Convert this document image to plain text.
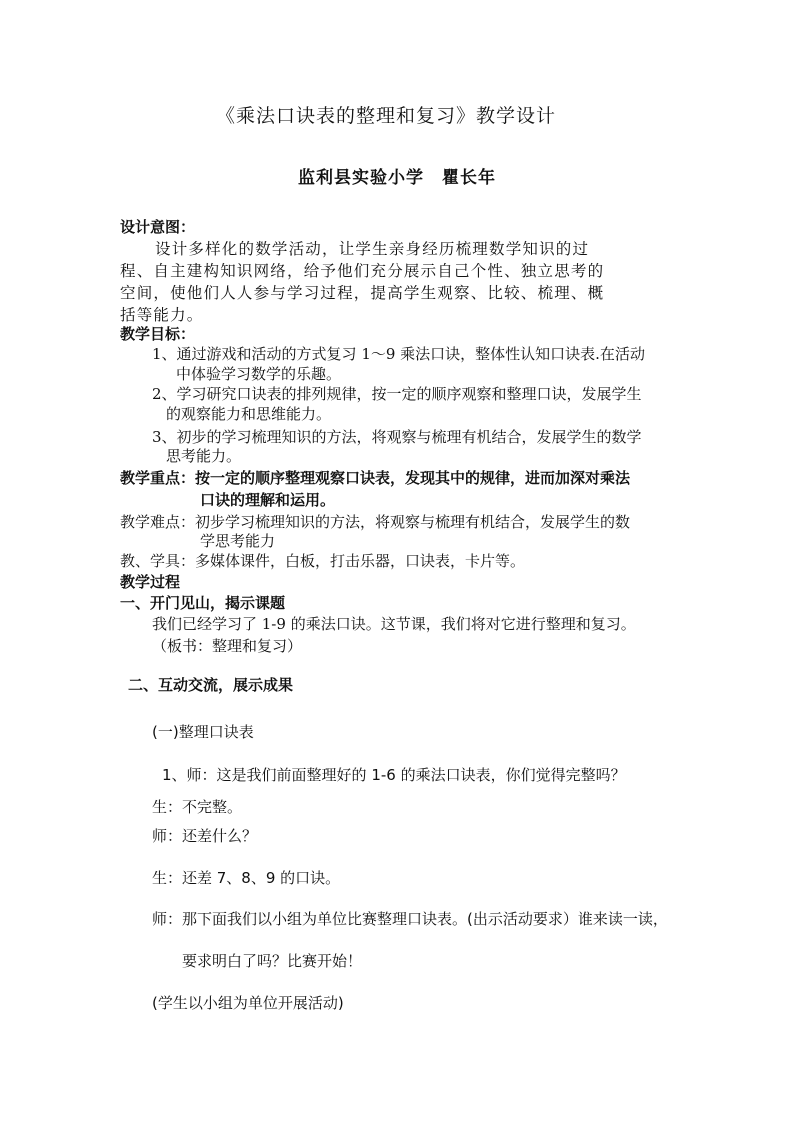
《乘法口诀表的整理和复习》教学设计
监利县实验小学　瞿长年
设计意图：
设计多样化的数学活动，让学生亲身经历梳理数学知识的过
程、自主建构知识网络，给予他们充分展示自己个性、独立思考的
空间，使他们人人参与学习过程，提高学生观察、比较、梳理、概
括等能力。
教学目标：
1、通过游戏和活动的方式复习 1～9 乘法口诀，整体性认知口诀表.在活动
中体验学习数学的乐趣。
2、学习研究口诀表的排列规律，按一定的顺序观察和整理口诀，发展学生
的观察能力和思维能力。
3、初步的学习梳理知识的方法，将观察与梳理有机结合，发展学生的数学
思考能力。
教学重点：按一定的顺序整理观察口诀表，发现其中的规律，进而加深对乘法
口诀的理解和运用。
教学难点：初步学习梳理知识的方法，将观察与梳理有机结合，发展学生的数
学思考能力
教、学具：多媒体课件，白板，打击乐器，口诀表，卡片等。
教学过程
一、开门见山，揭示课题
我们已经学习了 1-9 的乘法口诀。这节课，我们将对它进行整理和复习。
（板书：整理和复习）
二、互动交流，展示成果
(一)整理口诀表
1、师：这是我们前面整理好的 1-6 的乘法口诀表，你们觉得完整吗？
生：不完整。
师：还差什么？
生：还差 7、8、9 的口诀。
师：那下面我们以小组为单位比赛整理口诀表。(出示活动要求）谁来读一读，
要求明白了吗？比赛开始！
(学生以小组为单位开展活动)
